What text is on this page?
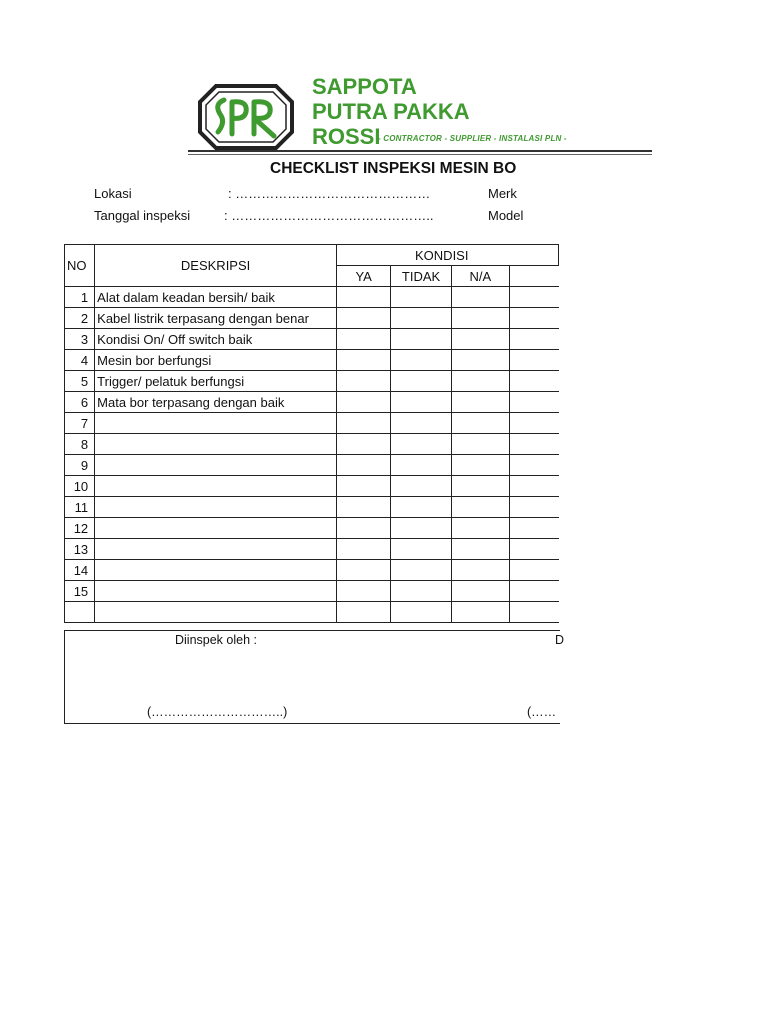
SAPPOTA
PUTRA PAKKA
ROSSI
- CONTRACTOR - SUPPLIER - INSTALASI PLN -
CHECKLIST INSPEKSI MESIN BO
Lokasi	: ………………………………………	Merk
Tanggal inspeksi	: ………………………………………..	Model
NO	DESKRIPSI	KONDISI			
		YA	TIDAK	N/A	
1	Alat dalam keadan bersih/ baik				
2	Kabel listrik terpasang dengan benar				
3	Kondisi On/ Off switch baik				
4	Mesin bor berfungsi				
5	Trigger/ pelatuk berfungsi				
6	Mata bor terpasang dengan baik				
7					
8					
9					
10					
11					
12					
13					
14					
15					

Diinspek oleh :	D
(…………………………..)	(……
